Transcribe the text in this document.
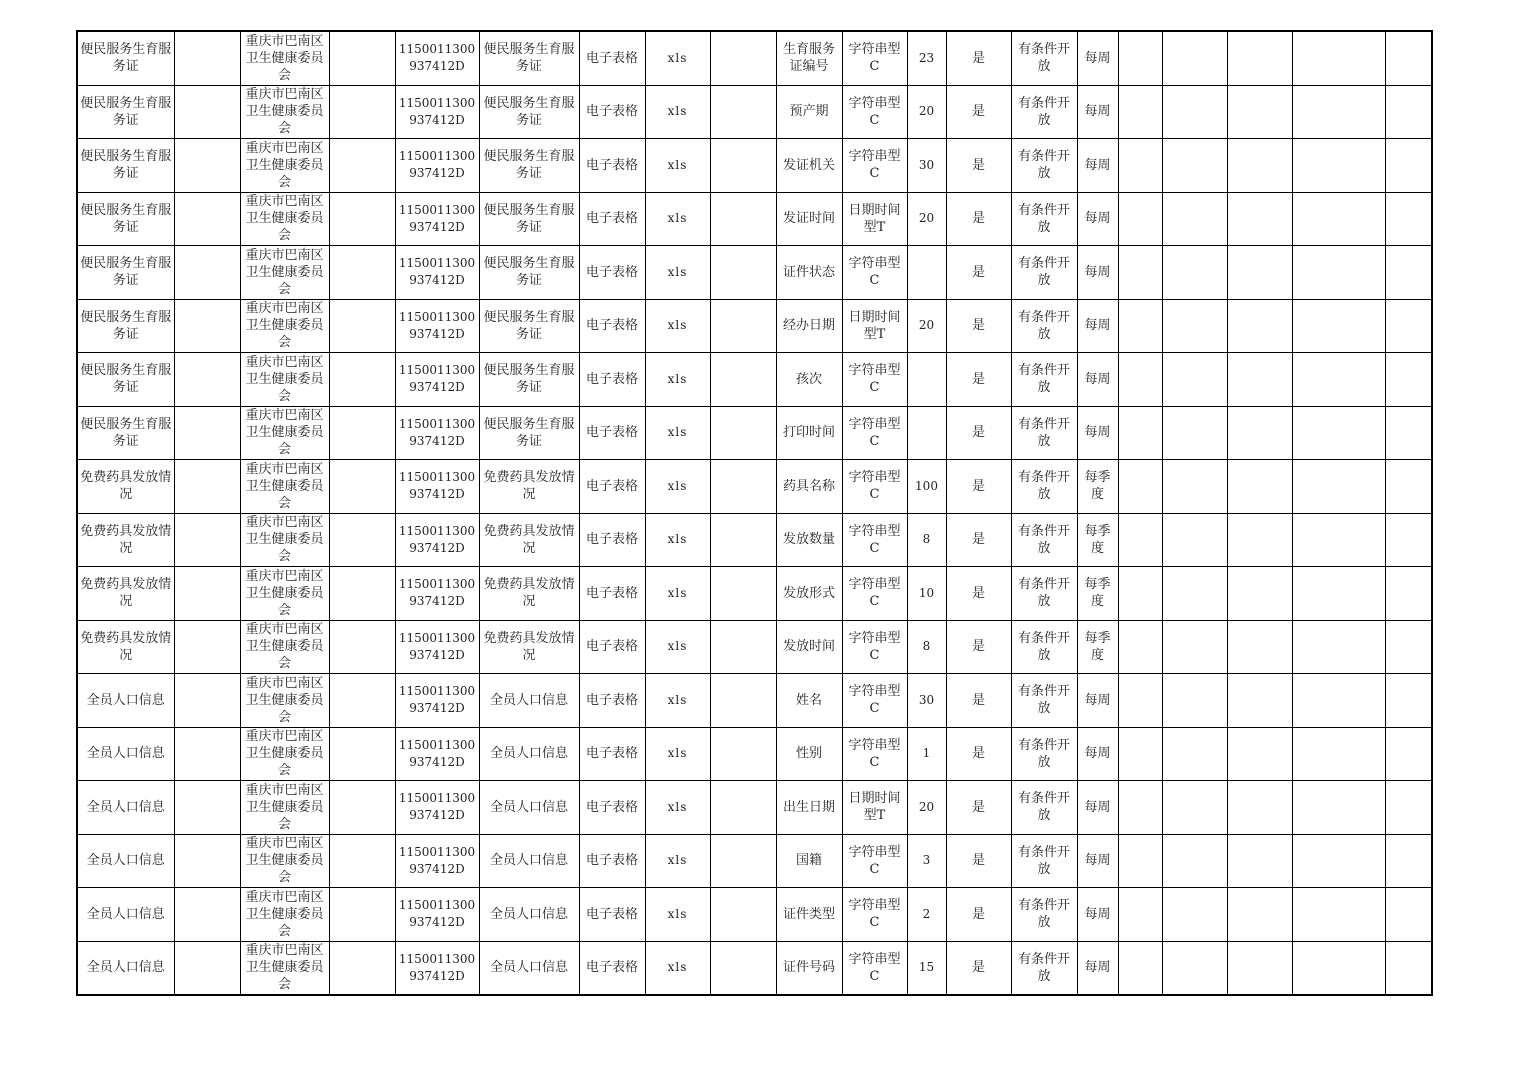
便民服务生育服务证		重庆市巴南区卫生健康委员会		1150011300937412D	便民服务生育服务证	电子表格	xls		生育服务证编号	字符串型C	23	是	有条件开放	每周					
便民服务生育服务证		重庆市巴南区卫生健康委员会		1150011300937412D	便民服务生育服务证	电子表格	xls		预产期	字符串型C	20	是	有条件开放	每周					
便民服务生育服务证		重庆市巴南区卫生健康委员会		1150011300937412D	便民服务生育服务证	电子表格	xls		发证机关	字符串型C	30	是	有条件开放	每周					
便民服务生育服务证		重庆市巴南区卫生健康委员会		1150011300937412D	便民服务生育服务证	电子表格	xls		发证时间	日期时间型T	20	是	有条件开放	每周					
便民服务生育服务证		重庆市巴南区卫生健康委员会		1150011300937412D	便民服务生育服务证	电子表格	xls		证件状态	字符串型C		是	有条件开放	每周					
便民服务生育服务证		重庆市巴南区卫生健康委员会		1150011300937412D	便民服务生育服务证	电子表格	xls		经办日期	日期时间型T	20	是	有条件开放	每周					
便民服务生育服务证		重庆市巴南区卫生健康委员会		1150011300937412D	便民服务生育服务证	电子表格	xls		孩次	字符串型C		是	有条件开放	每周					
便民服务生育服务证		重庆市巴南区卫生健康委员会		1150011300937412D	便民服务生育服务证	电子表格	xls		打印时间	字符串型C		是	有条件开放	每周					
免费药具发放情况		重庆市巴南区卫生健康委员会		1150011300937412D	免费药具发放情况	电子表格	xls		药具名称	字符串型C	100	是	有条件开放	每季度					
免费药具发放情况		重庆市巴南区卫生健康委员会		1150011300937412D	免费药具发放情况	电子表格	xls		发放数量	字符串型C	8	是	有条件开放	每季度					
免费药具发放情况		重庆市巴南区卫生健康委员会		1150011300937412D	免费药具发放情况	电子表格	xls		发放形式	字符串型C	10	是	有条件开放	每季度					
免费药具发放情况		重庆市巴南区卫生健康委员会		1150011300937412D	免费药具发放情况	电子表格	xls		发放时间	字符串型C	8	是	有条件开放	每季度					
全员人口信息		重庆市巴南区卫生健康委员会		1150011300937412D	全员人口信息	电子表格	xls		姓名	字符串型C	30	是	有条件开放	每周					
全员人口信息		重庆市巴南区卫生健康委员会		1150011300937412D	全员人口信息	电子表格	xls		性别	字符串型C	1	是	有条件开放	每周					
全员人口信息		重庆市巴南区卫生健康委员会		1150011300937412D	全员人口信息	电子表格	xls		出生日期	日期时间型T	20	是	有条件开放	每周					
全员人口信息		重庆市巴南区卫生健康委员会		1150011300937412D	全员人口信息	电子表格	xls		国籍	字符串型C	3	是	有条件开放	每周					
全员人口信息		重庆市巴南区卫生健康委员会		1150011300937412D	全员人口信息	电子表格	xls		证件类型	字符串型C	2	是	有条件开放	每周					
全员人口信息		重庆市巴南区卫生健康委员会		1150011300937412D	全员人口信息	电子表格	xls		证件号码	字符串型C	15	是	有条件开放	每周					
